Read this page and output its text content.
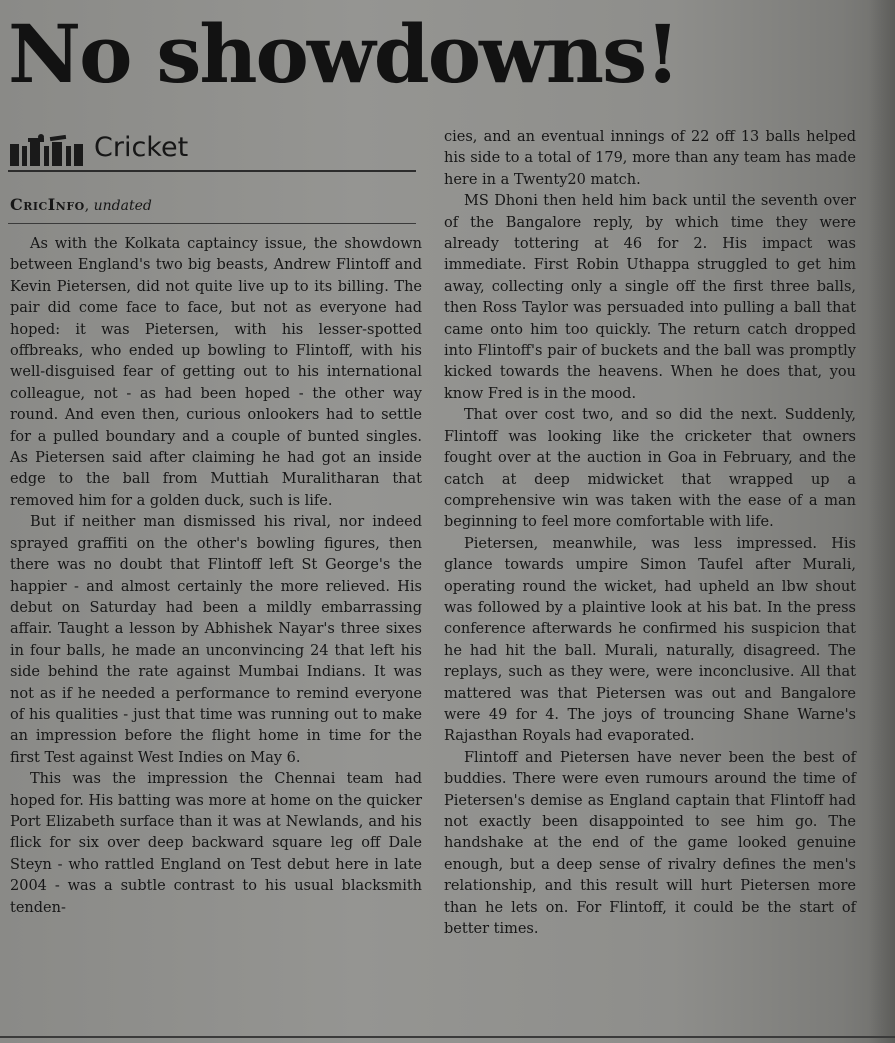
No showdowns!
Cricket
CricInfo, undated

As with the Kolkata captaincy issue, the showdown between England's two big beasts, Andrew Flintoff and Kevin Pietersen, did not quite live up to its billing. The pair did come face to face, but not as everyone had hoped: it was Pietersen, with his lesser-spotted offbreaks, who ended up bowling to Flintoff, with his well-disguised fear of getting out to his international colleague, not - as had been hoped - the other way round. And even then, curious onlookers had to settle for a pulled boundary and a couple of bunted singles. As Pietersen said after claiming he had got an inside edge to the ball from Muttiah Muralitharan that removed him for a golden duck, such is life.

But if neither man dismissed his rival, nor indeed sprayed graffiti on the other's bowling figures, then there was no doubt that Flintoff left St George's the happier - and almost certainly the more relieved. His debut on Saturday had been a mildly embarrassing affair. Taught a lesson by Abhishek Nayar's three sixes in four balls, he made an unconvincing 24 that left his side behind the rate against Mumbai Indians. It was not as if he needed a performance to remind everyone of his qualities - just that time was running out to make an impression before the flight home in time for the first Test against West Indies on May 6.

This was the impression the Chennai team had hoped for. His batting was more at home on the quicker Port Elizabeth surface than it was at Newlands, and his flick for six over deep backward square leg off Dale Steyn - who rattled England on Test debut here in late 2004 - was a subtle contrast to his usual blacksmith tenden-

cies, and an eventual innings of 22 off 13 balls helped his side to a total of 179, more than any team has made here in a Twenty20 match.

MS Dhoni then held him back until the seventh over of the Bangalore reply, by which time they were already tottering at 46 for 2. His impact was immediate. First Robin Uthappa struggled to get him away, collecting only a single off the first three balls, then Ross Taylor was persuaded into pulling a ball that came onto him too quickly. The return catch dropped into Flintoff's pair of buckets and the ball was promptly kicked towards the heavens. When he does that, you know Fred is in the mood.

That over cost two, and so did the next. Suddenly, Flintoff was looking like the cricketer that owners fought over at the auction in Goa in February, and the catch at deep midwicket that wrapped up a comprehensive win was taken with the ease of a man beginning to feel more comfortable with life.

Pietersen, meanwhile, was less impressed. His glance towards umpire Simon Taufel after Murali, operating round the wicket, had upheld an lbw shout was followed by a plaintive look at his bat. In the press conference afterwards he confirmed his suspicion that he had hit the ball. Murali, naturally, disagreed. The replays, such as they were, were inconclusive. All that mattered was that Pietersen was out and Bangalore were 49 for 4. The joys of trouncing Shane Warne's Rajasthan Royals had evaporated.

Flintoff and Pietersen have never been the best of buddies. There were even rumours around the time of Pietersen's demise as England captain that Flintoff had not exactly been disappointed to see him go. The handshake at the end of the game looked genuine enough, but a deep sense of rivalry defines the men's relationship, and this result will hurt Pietersen more than he lets on. For Flintoff, it could be the start of better times.
